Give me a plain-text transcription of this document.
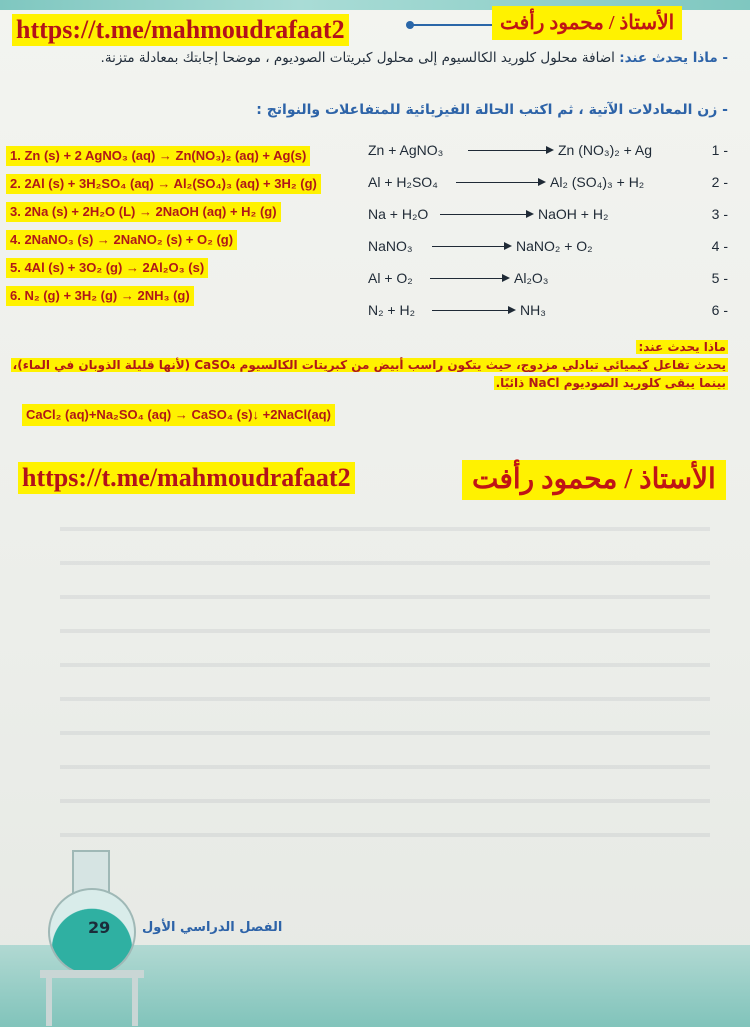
https://t.me/mahmoudrafaat2	الأستاذ / محمود رأفت
- ماذا يحدث عند: اضافة محلول كلوريد الكالسيوم إلى محلول كبريتات الصوديوم ، موضحا إجابتك بمعادلة متزنة.
- زن المعادلات الآتية ، ثم اكتب الحالة الفيزيائية للمتفاعلات والنواتج :
Zn + AgNO₃	Zn (NO₃)₂ + Ag	1 -
Al + H₂SO₄	Al₂ (SO₄)₃ + H₂	2 -
Na + H₂O	NaOH + H₂	3 -
NaNO₃	NaNO₂ + O₂	4 -
Al + O₂	Al₂O₃	5 -
N₂ + H₂	NH₃	6 -
1. Zn (s) + 2 AgNO₃ (aq) → Zn(NO₃)₂ (aq) + Ag(s)
2. 2Al (s) + 3H₂SO₄ (aq) → Al₂(SO₄)₃ (aq) + 3H₂ (g)
3. 2Na (s) + 2H₂O (L) → 2NaOH (aq) + H₂ (g)
4. 2NaNO₃ (s) → 2NaNO₂ (s) + O₂ (g)
5. 4Al (s) + 3O₂ (g) → 2Al₂O₃ (s)
6. N₂ (g) + 3H₂ (g) → 2NH₃ (g)
ماذا يحدث عند:
يحدث تفاعل كيميائي تبادلي مزدوج، حيث يتكون راسب أبيض من كبريتات الكالسيوم CaSO₄ (لأنها قليلة الذوبان في الماء)،
بينما يبقى كلوريد الصوديوم NaCl ذائبًا.
CaCl₂ (aq)+Na₂SO₄ (aq) → CaSO₄ (s)↓ +2NaCl(aq)
https://t.me/mahmoudrafaat2	الأستاذ / محمود رأفت
29 الفصل الدراسي الأول
